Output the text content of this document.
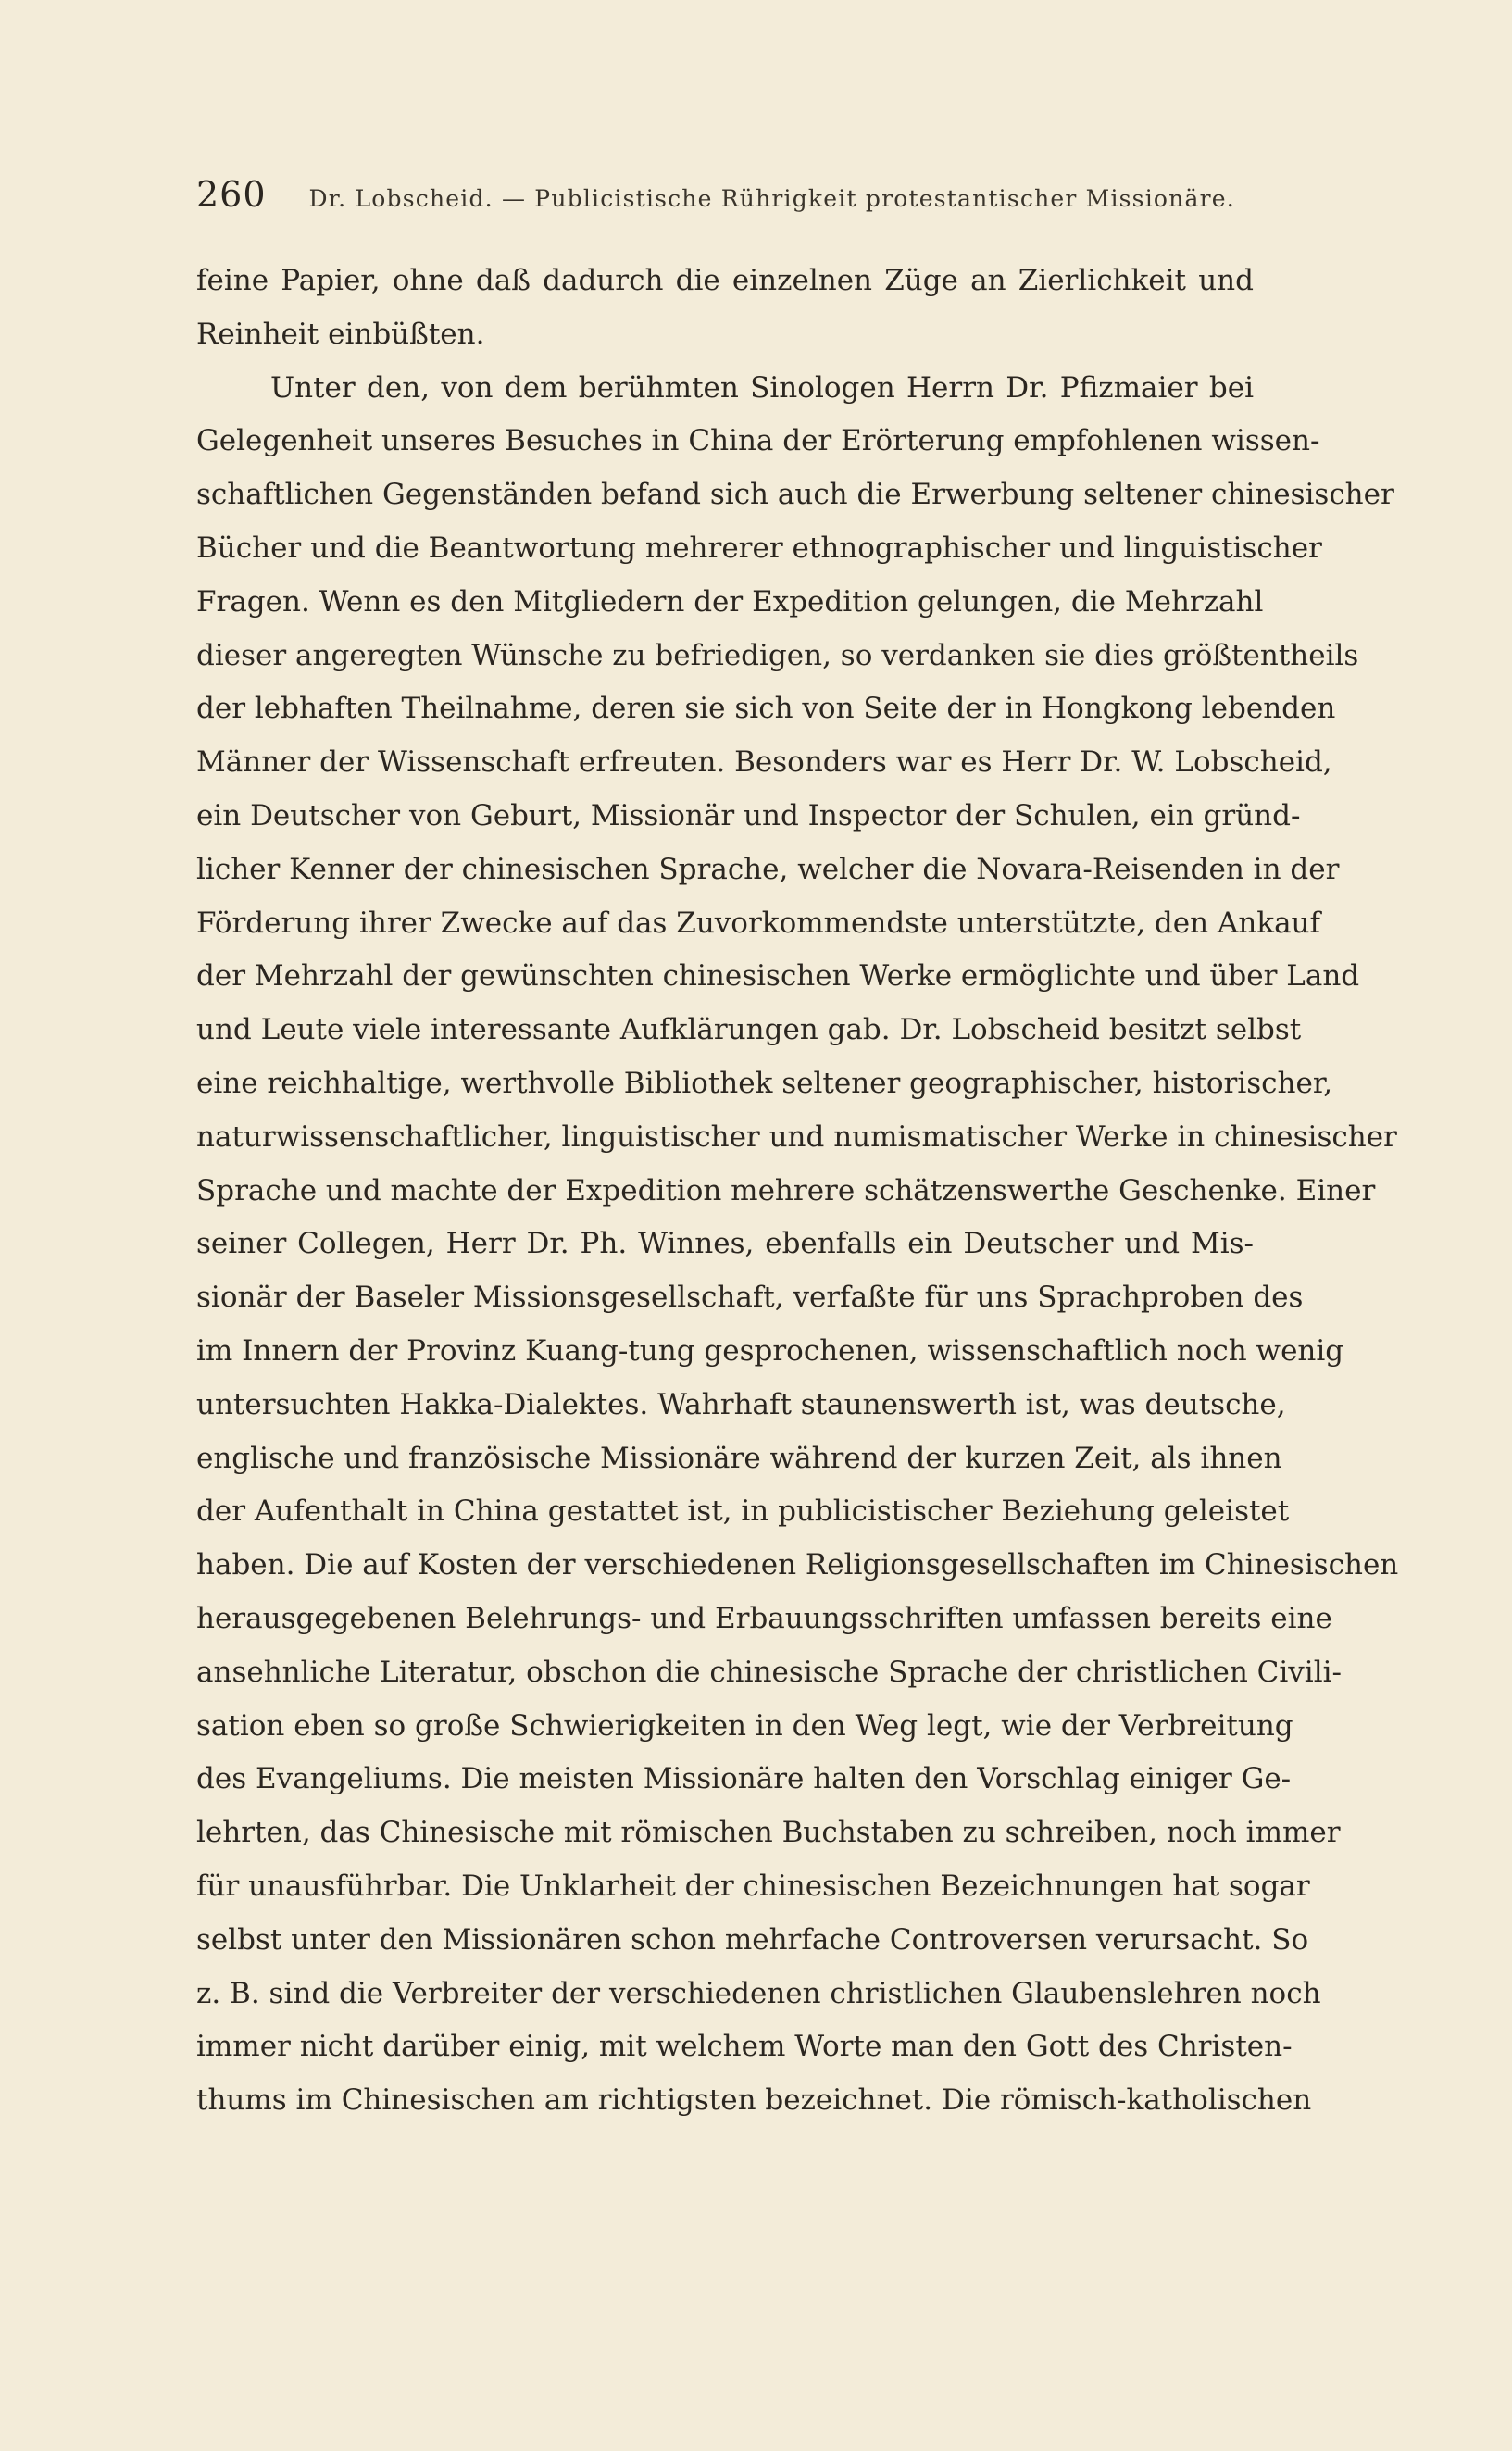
260 Dr. Lobscheid. — Publicistische Rührigkeit protestantischer Missionäre.
feine Papier, ohne daß dadurch die einzelnen Züge an Zierlichkeit und
Reinheit einbüßten.
Unter den, von dem berühmten Sinologen Herrn Dr. Pfizmaier bei
Gelegenheit unseres Besuches in China der Erörterung empfohlenen wissen-
schaftlichen Gegenständen befand sich auch die Erwerbung seltener chinesischer
Bücher und die Beantwortung mehrerer ethnographischer und linguistischer
Fragen. Wenn es den Mitgliedern der Expedition gelungen, die Mehrzahl
dieser angeregten Wünsche zu befriedigen, so verdanken sie dies größtentheils
der lebhaften Theilnahme, deren sie sich von Seite der in Hongkong lebenden
Männer der Wissenschaft erfreuten. Besonders war es Herr Dr. W. Lobscheid,
ein Deutscher von Geburt, Missionär und Inspector der Schulen, ein gründ-
licher Kenner der chinesischen Sprache, welcher die Novara-Reisenden in der
Förderung ihrer Zwecke auf das Zuvorkommendste unterstützte, den Ankauf
der Mehrzahl der gewünschten chinesischen Werke ermöglichte und über Land
und Leute viele interessante Aufklärungen gab. Dr. Lobscheid besitzt selbst
eine reichhaltige, werthvolle Bibliothek seltener geographischer, historischer,
naturwissenschaftlicher, linguistischer und numismatischer Werke in chinesischer
Sprache und machte der Expedition mehrere schätzenswerthe Geschenke. Einer
seiner Collegen, Herr Dr. Ph. Winnes, ebenfalls ein Deutscher und Mis-
sionär der Baseler Missionsgesellschaft, verfaßte für uns Sprachproben des
im Innern der Provinz Kuang-tung gesprochenen, wissenschaftlich noch wenig
untersuchten Hakka-Dialektes. Wahrhaft staunenswerth ist, was deutsche,
englische und französische Missionäre während der kurzen Zeit, als ihnen
der Aufenthalt in China gestattet ist, in publicistischer Beziehung geleistet
haben. Die auf Kosten der verschiedenen Religionsgesellschaften im Chinesischen
herausgegebenen Belehrungs- und Erbauungsschriften umfassen bereits eine
ansehnliche Literatur, obschon die chinesische Sprache der christlichen Civili-
sation eben so große Schwierigkeiten in den Weg legt, wie der Verbreitung
des Evangeliums. Die meisten Missionäre halten den Vorschlag einiger Ge-
lehrten, das Chinesische mit römischen Buchstaben zu schreiben, noch immer
für unausführbar. Die Unklarheit der chinesischen Bezeichnungen hat sogar
selbst unter den Missionären schon mehrfache Controversen verursacht. So
z. B. sind die Verbreiter der verschiedenen christlichen Glaubenslehren noch
immer nicht darüber einig, mit welchem Worte man den Gott des Christen-
thums im Chinesischen am richtigsten bezeichnet. Die römisch-katholischen
